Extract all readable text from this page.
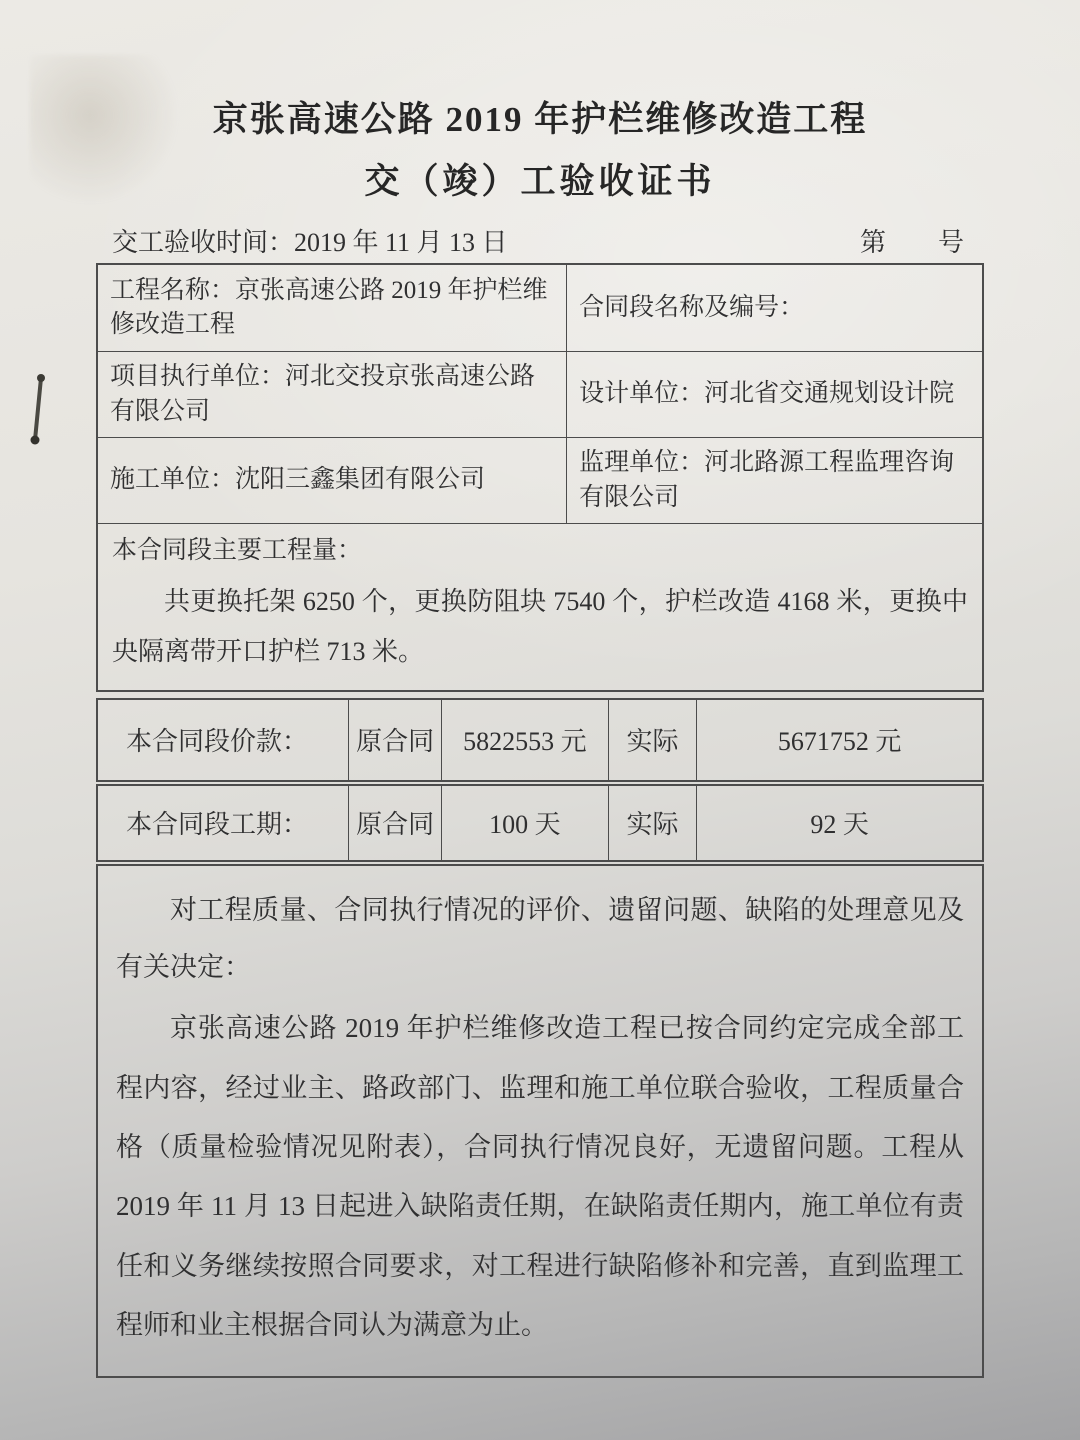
京张高速公路 2019 年护栏维修改造工程
交（竣）工验收证书
交工验收时间：2019 年 11 月 13 日	第 号
工程名称：京张高速公路 2019 年护栏维修改造工程	合同段名称及编号：
项目执行单位：河北交投京张高速公路有限公司	设计单位：河北省交通规划设计院
施工单位：沈阳三鑫集团有限公司	监理单位：河北路源工程监理咨询有限公司

本合同段主要工程量：

共更换托架 6250 个，更换防阻块 7540 个，护栏改造 4168 米，更换中央隔离带开口护栏 713 米。	

本合同段价款：	原合同	5822553 元	实际	5671752 元
本合同段工期：	原合同	100 天	实际	92 天

对工程质量、合同执行情况的评价、遗留问题、缺陷的处理意见及有关决定：

京张高速公路 2019 年护栏维修改造工程已按合同约定完成全部工程内容，经过业主、路政部门、监理和施工单位联合验收，工程质量合格（质量检验情况见附表），合同执行情况良好，无遗留问题。工程从 2019 年 11 月 13 日起进入缺陷责任期，在缺陷责任期内，施工单位有责任和义务继续按照合同要求，对工程进行缺陷修补和完善，直到监理工程师和业主根据合同认为满意为止。				
